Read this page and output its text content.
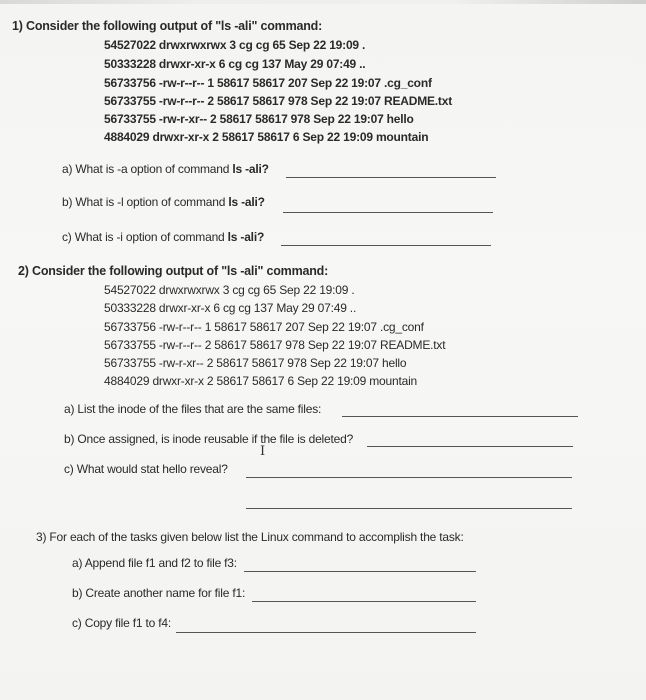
1) Consider the following output of "ls -ali" command:
54527022 drwxrwxrwx 3 cg cg 65 Sep 22 19:09 .
50333228 drwxr-xr-x 6 cg cg 137 May 29 07:49 ..
56733756 -rw-r--r-- 1 58617 58617 207 Sep 22 19:07 .cg_conf
56733755 -rw-r--r-- 2 58617 58617 978 Sep 22 19:07 README.txt
56733755 -rw-r-xr-- 2 58617 58617 978 Sep 22 19:07 hello
4884029 drwxr-xr-x 2 58617 58617 6 Sep 22 19:09 mountain
a) What is -a option of command ls -ali?
b) What is -l option of command ls -ali?
c) What is -i option of command ls -ali?
2) Consider the following output of "ls -ali" command:
54527022 drwxrwxrwx 3 cg cg 65 Sep 22 19:09 .
50333228 drwxr-xr-x 6 cg cg 137 May 29 07:49 ..
56733756 -rw-r--r-- 1 58617 58617 207 Sep 22 19:07 .cg_conf
56733755 -rw-r--r-- 2 58617 58617 978 Sep 22 19:07 README.txt
56733755 -rw-r-xr-- 2 58617 58617 978 Sep 22 19:07 hello
4884029 drwxr-xr-x 2 58617 58617 6 Sep 22 19:09 mountain
a) List the inode of the files that are the same files:
b) Once assigned, is inode reusable if the file is deleted?
I
c) What would stat hello reveal?
3) For each of the tasks given below list the Linux command to accomplish the task:
a) Append file f1 and f2 to file f3:
b) Create another name for file f1:
c) Copy file f1 to f4:
